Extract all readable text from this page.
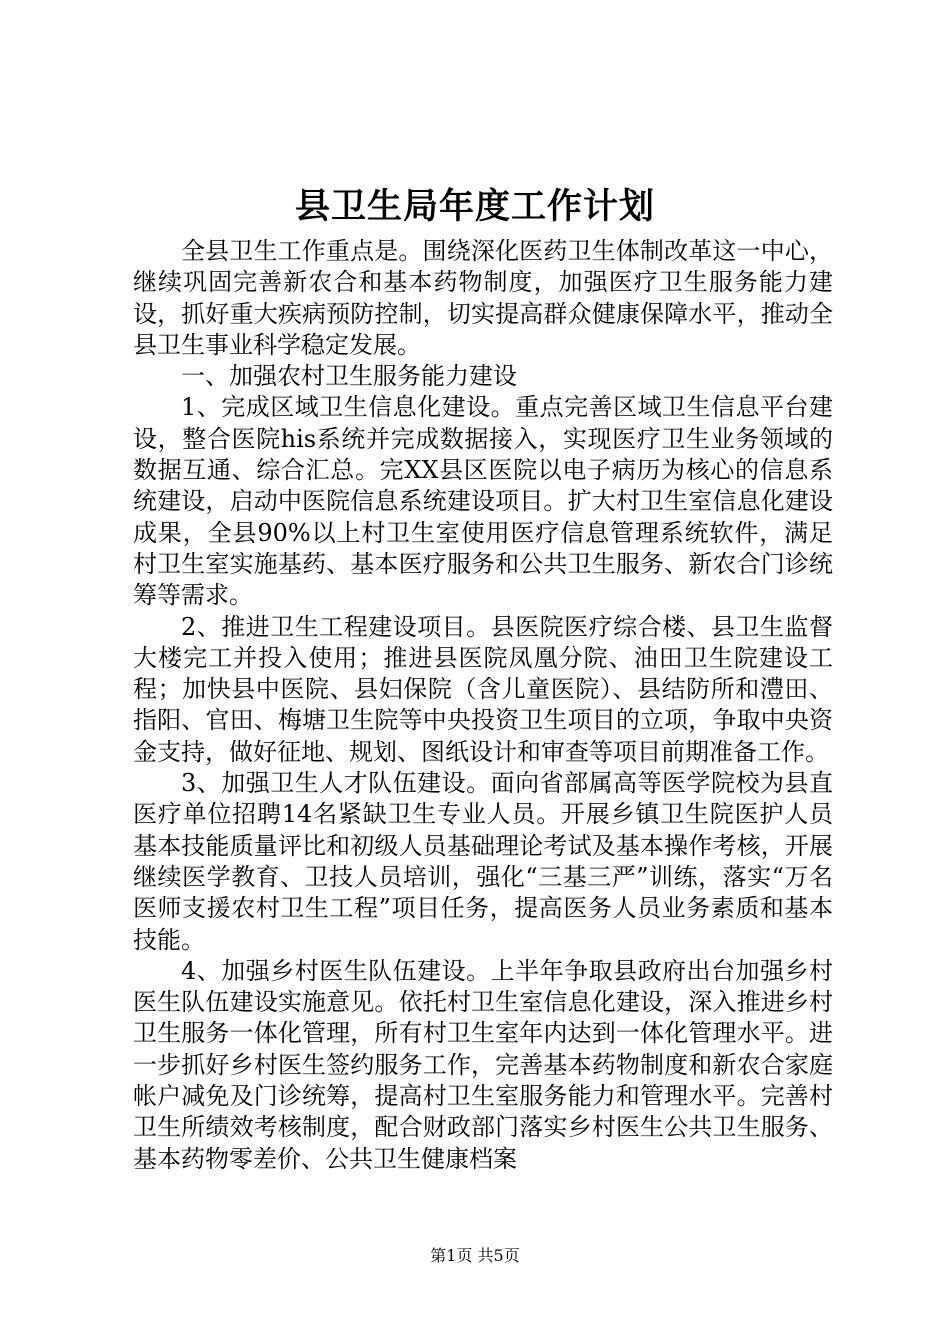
县卫生局年度工作计划

全县卫生工作重点是。围绕深化医药卫生体制改革这一中心，继续巩固完善新农合和基本药物制度，加强医疗卫生服务能力建设，抓好重大疾病预防控制，切实提高群众健康保障水平，推动全县卫生事业科学稳定发展。

一、加强农村卫生服务能力建设

1、完成区域卫生信息化建设。重点完善区域卫生信息平台建设，整合医院his系统并完成数据接入，实现医疗卫生业务领域的数据互通、综合汇总。完XX县区医院以电子病历为核心的信息系统建设，启动中医院信息系统建设项目。扩大村卫生室信息化建设成果，全县90%以上村卫生室使用医疗信息管理系统软件，满足村卫生室实施基药、基本医疗服务和公共卫生服务、新农合门诊统筹等需求。

2、推进卫生工程建设项目。县医院医疗综合楼、县卫生监督大楼完工并投入使用；推进县医院凤凰分院、油田卫生院建设工程；加快县中医院、县妇保院（含儿童医院）、县结防所和澧田、指阳、官田、梅塘卫生院等中央投资卫生项目的立项，争取中央资金支持，做好征地、规划、图纸设计和审查等项目前期准备工作。

3、加强卫生人才队伍建设。面向省部属高等医学院校为县直医疗单位招聘14名紧缺卫生专业人员。开展乡镇卫生院医护人员基本技能质量评比和初级人员基础理论考试及基本操作考核，开展继续医学教育、卫技人员培训，强化“三基三严”训练，落实“万名医师支援农村卫生工程”项目任务，提高医务人员业务素质和基本技能。

4、加强乡村医生队伍建设。上半年争取县政府出台加强乡村医生队伍建设实施意见。依托村卫生室信息化建设，深入推进乡村卫生服务一体化管理，所有村卫生室年内达到一体化管理水平。进一步抓好乡村医生签约服务工作，完善基本药物制度和新农合家庭帐户减免及门诊统筹，提高村卫生室服务能力和管理水平。完善村卫生所绩效考核制度，配合财政部门落实乡村医生公共卫生服务、基本药物零差价、公共卫生健康档案

第1页 共5页
